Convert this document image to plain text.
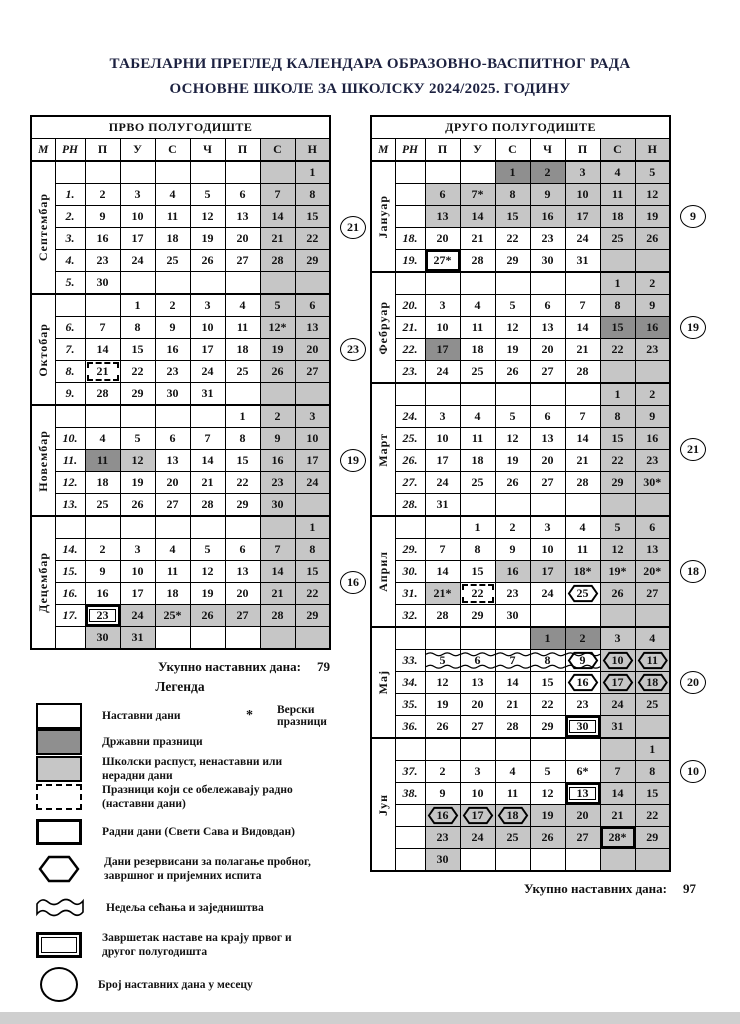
ТАБЕЛАРНИ ПРЕГЛЕД КАЛЕНДАРА ОБРАЗОВНО-ВАСПИТНОГ РАДА
ОСНОВНЕ ШКОЛЕ ЗА ШКОЛСКУ 2024/2025. ГОДИНУ
ПРВО ПОЛУГОДИШТЕ								
М	РН	П	У	С	Ч	П	С	Н

Септембар								1
	1.	2	3	4	5	6	7	8
	2.	9	10	11	12	13	14	15
	3.	16	17	18	19	20	21	22
	4.	23	24	25	26	27	28	29
	5.	30						

Октобар			1	2	3	4	5	6
	6.	7	8	9	10	11	12*	13
	7.	14	15	16	17	18	19	20
	8.	21	22	23	24	25	26	27
	9.	28	29	30	31			

Новембар						1	2	3
	10.	4	5	6	7	8	9	10
	11.	11	12	13	14	15	16	17
	12.	18	19	20	21	22	23	24
	13.	25	26	27	28	29	30	

Децембар								1
	14.	2	3	4	5	6	7	8
	15.	9	10	11	12	13	14	15
	16.	16	17	18	19	20	21	22
	17.	23	24	25*	26	27	28	29
		30	31					
21
23
19
16
Укупно наставних дана: 79
Легенда
Наставни дани	* Верски празници
Државни празници
Школски распуст, ненаставни или нерадни дани
Празници који се обележавају радно (наставни дани)
Радни дани (Свети Сава и Видовдан)
Дани резервисани за полагање пробног, завршног и пријемних испита
Недеља сећања и заједништва
Завршетак наставе на крају првог и другог полугодишта
Број наставних дана у месецу
ДРУГО ПОЛУГОДИШТЕ								
М	РН	П	У	С	Ч	П	С	Н

Јануар				1	2	3	4	5
		6	7*	8	9	10	11	12
		13	14	15	16	17	18	19
	18.	20	21	22	23	24	25	26
	19.	27*	28	29	30	31		

Фебруар							1	2
	20.	3	4	5	6	7	8	9
	21.	10	11	12	13	14	15	16
	22.	17	18	19	20	21	22	23
	23.	24	25	26	27	28		

Март							1	2
	24.	3	4	5	6	7	8	9
	25.	10	11	12	13	14	15	16
	26.	17	18	19	20	21	22	23
	27.	24	25	26	27	28	29	30*
	28.	31						

Април			1	2	3	4	5	6
	29.	7	8	9	10	11	12	13
	30.	14	15	16	17	18*	19*	20*
	31.	21*	22	23	24	25	26	27
	32.	28	29	30				

Мај					1	2	3	4
	33.	5	6	7	8	9	10	11

	34.	12	13	14	15	16	17	18

	35.	19	20	21	22	23	24	25
	36.	26	27	28	29	30	31	

Јун								1
	37.	2	3	4	5	6*	7	8
	38.	9	10	11	12	13	14	15
		16	17	18	19	20	21	22
		23	24	25	26	27	28*	29
		30						
9
19
21
18
20
10
Укупно наставних дана: 97
